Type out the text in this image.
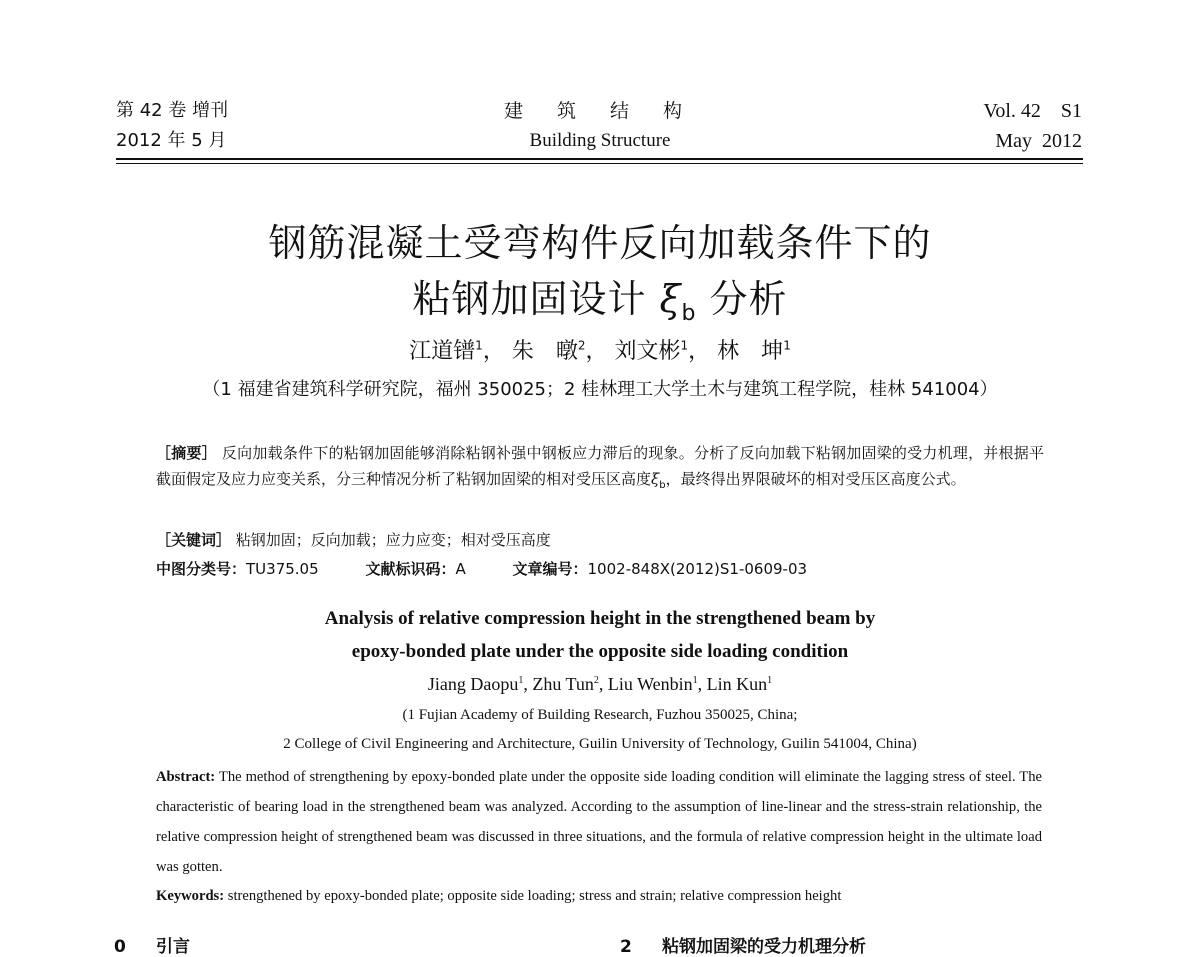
第 42 卷 增刊
2012 年 5 月
建 筑 结 构
Building Structure
Vol. 42 S1
May  2012
钢筋混凝土受弯构件反向加载条件下的
粘钢加固设计 $\xi_b$ 分析
江道镨$^1$， 朱　暾$^2$， 刘文彬$^1$， 林　坤$^1$
（1 福建省建筑科学研究院，福州 350025；2 桂林理工大学土木与建筑工程学院，桂林 541004）
［摘要］ 反向加载条件下的粘钢加固能够消除粘钢补强中钢板应力滞后的现象。分析了反向加载下粘钢加固梁的受力机理，并根据平截面假定及应力应变关系，分三种情况分析了粘钢加固梁的相对受压区高度$\xi_b$，最终得出界限破坏的相对受压区高度公式。
［关键词］ 粘钢加固；反向加载；应力应变；相对受压高度
中图分类号：TU375.05	文献标识码：A	文章编号：1002-848X(2012)S1-0609-03
Analysis of relative compression height in the strengthened beam by
epoxy-bonded plate under the opposite side loading condition
Jiang Daopu$^1$, Zhu Tun$^2$, Liu Wenbin$^1$, Lin Kun$^1$
(1 Fujian Academy of Building Research, Fuzhou 350025, China;
2 College of Civil Engineering and Architecture, Guilin University of Technology, Guilin 541004, China)
Abstract: The method of strengthening by epoxy-bonded plate under the opposite side loading condition will eliminate the lagging stress of steel. The characteristic of bearing load in the strengthened beam was analyzed. According to the assumption of line-linear and the stress-strain relationship, the relative compression height of strengthened beam was discussed in three situations, and the formula of relative compression height in the ultimate load was gotten.
Keywords: strengthened by epoxy-bonded plate; opposite side loading; stress and strain; relative compression height
0 引言	2 粘钢加固梁的受力机理分析
